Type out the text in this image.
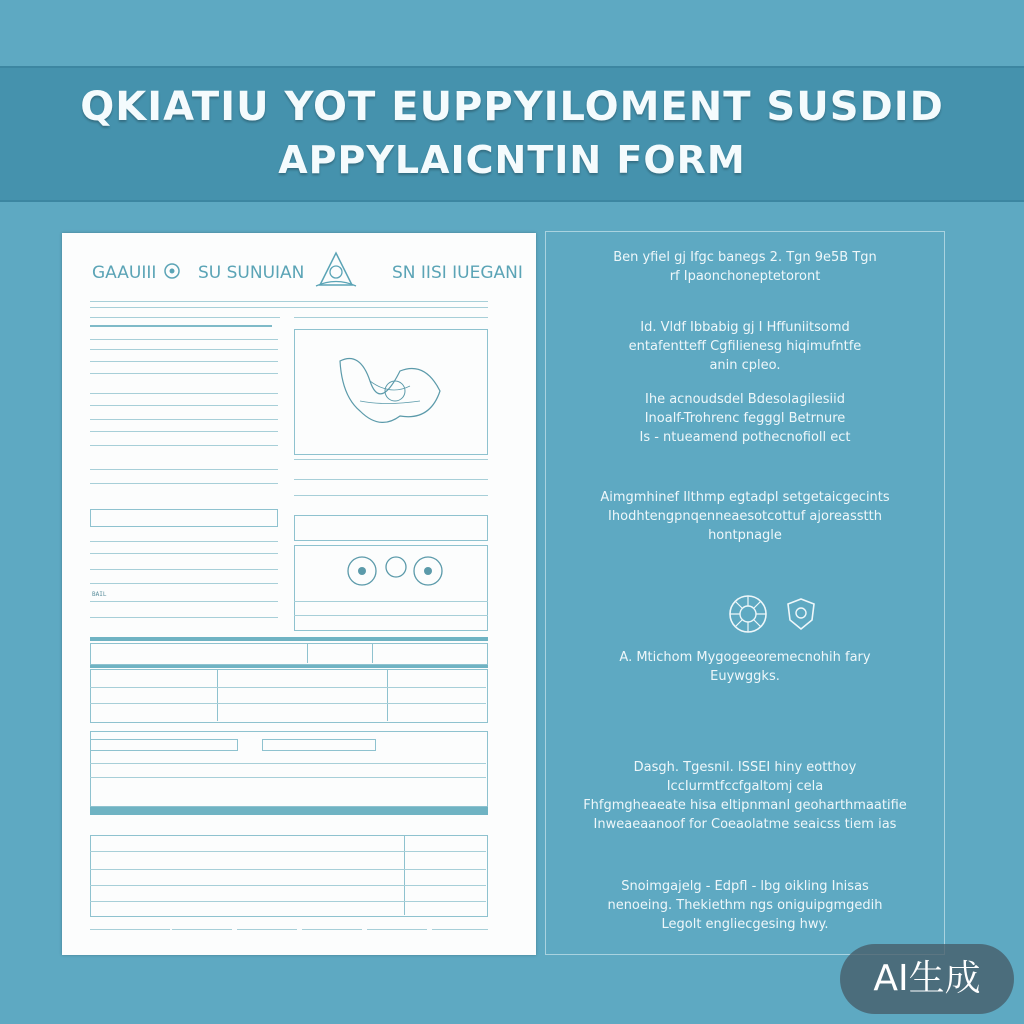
QKIATIU YOT EUPPYILOMENT SUSDID
APPYLAICNTIN FORM
GAAUIII SU SUNUIAN	SN IISI IUEGANI
BAIL
Ben yfiel gj Ifgc banegs 2. Tgn 9e5B Tgn
rf Ipaonchoneptetoront
Id. Vldf Ibbabig gj I Hffuniitsomd
entafentteff Cgfilienesg hiqimufntfe
anin cpleo.
Ihe acnoudsdel Bdesolagilesiid
Inoalf-Trohrenc fegggl Betrnure
Is - ntueamend pothecnofioll ect
Aimgmhinef Ilthmp egtadpl setgetaicgecints
Ihodhtengpnqenneaesotcottuf ajoreasstth
hontpnagle
A. Mtichom Mygogeeoremecnohih fary
Euywggks.
Dasgh. Tgesnil. ISSEI hiny eotthoy
IccIurmtfccfgaltomj cela
Fhfgmgheaeate hisa eltipnmanl geoharthmaatifie
Inweaeaanoof for Coeaolatme seaicss tiem ias
Snoimgajelg - Edpfl - lbg oikling Inisas
nenoeing. Thekiethm ngs oniguipgmgedih
Legolt engliecgesing hwy.
AI生成
